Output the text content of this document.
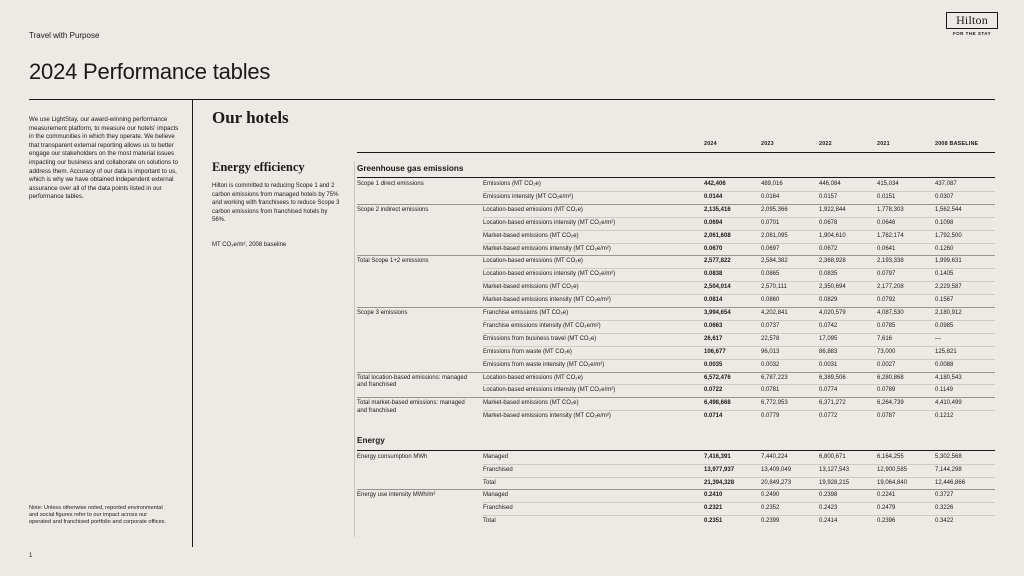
Travel with Purpose
Hilton
FOR THE STAY
2024 Performance tables

We use LightStay, our award-winning performance measurement platform, to measure our hotels' impacts in the communities in which they operate. We believe that transparent external reporting allows us to better engage our stakeholders on the most material issues impacting our business and collaborate on solutions to address them. Accuracy of our data is important to us, which is why we have obtained independent external assurance over all of the data points listed in our performance tables.

Note: Unless otherwise noted, reported environmental and social figures refer to our impact across our operated and franchised portfolio and corporate offices.

1
Our hotels
Energy efficiency

Hilton is committed to reducing Scope 1 and 2 carbon emissions from managed hotels by 75% and working with franchisees to reduce Scope 3 carbon emissions from franchised hotels by 56%.

MT CO₂e/m², 2008 baseline
2024	2023	2022	2021	2008 BASELINE
Greenhouse gas emissions
Scope 1 direct emissions	Emissions (MT CO₂e)	442,406	489,016	446,084	415,034	437,087
Emissions intensity (MT CO₂e/m²)	0.0144	0.0164	0.0157	0.0151	0.0307
Scope 2 indirect emissions	Location-based emissions (MT CO₂e)	2,135,416	2,095,366	1,922,844	1,778,303	1,562,544
Location-based emissions intensity (MT CO₂e/m²)	0.0694	0.0701	0.0678	0.0646	0.1098
Market-based emissions (MT CO₂e)	2,061,608	2,081,095	1,904,610	1,762,174	1,792,500
Market-based emissions intensity (MT CO₂e/m²)	0.0670	0.0697	0.0672	0.0641	0.1260
Total Scope 1+2 emissions	Location-based emissions (MT CO₂e)	2,577,822	2,584,382	2,368,928	2,193,338	1,999,631
Location-based emissions intensity (MT CO₂e/m²)	0.0838	0.0865	0.0835	0.0797	0.1405
Market-based emissions (MT CO₂e)	2,504,014	2,570,111	2,350,694	2,177,208	2,229,587
Market-based emissions intensity (MT CO₂e/m²)	0.0814	0.0860	0.0829	0.0792	0.1567
Scope 3 emissions	Franchise emissions (MT CO₂e)	3,994,654	4,202,841	4,020,579	4,087,530	2,180,912
Franchise emissions intensity (MT CO₂e/m²)	0.0663	0.0737	0.0742	0.0785	0.0985
Emissions from business travel (MT CO₂e)	26,617	22,578	17,095	7,616	—
Emissions from waste (MT CO₂e)	106,677	96,013	86,883	73,000	125,821
Emissions from waste intensity (MT CO₂e/m²)	0.0035	0.0032	0.0031	0.0027	0.0088
Total location-based emissions: managed and franchised
Location-based emissions (MT CO₂e)	6,572,476	6,787,223	6,389,506	6,280,868	4,180,543
Location-based emissions intensity (MT CO₂e/m²)	0.0722	0.0781	0.0774	0.0789	0.1149
Total market-based emissions: managed and franchised
Market-based emissions (MT CO₂e)	6,498,668	6,772,953	6,371,272	6,264,739	4,410,499
Market-based emissions intensity (MT CO₂e/m²)	0.0714	0.0779	0.0772	0.0787	0.1212
Energy
Energy consumption MWh	Managed	7,416,391	7,440,224	6,800,671	6,164,255	5,302,568
Franchised	13,977,937	13,409,049	13,127,543	12,900,585	7,144,298
Total	21,394,328	20,849,273	19,928,215	19,064,840	12,446,866
Energy use intensity MWh/m²	Managed	0.2410	0.2490	0.2398	0.2241	0.3727
Franchised	0.2321	0.2352	0.2423	0.2479	0.3226
Total	0.2351	0.2399	0.2414	0.2396	0.3422
